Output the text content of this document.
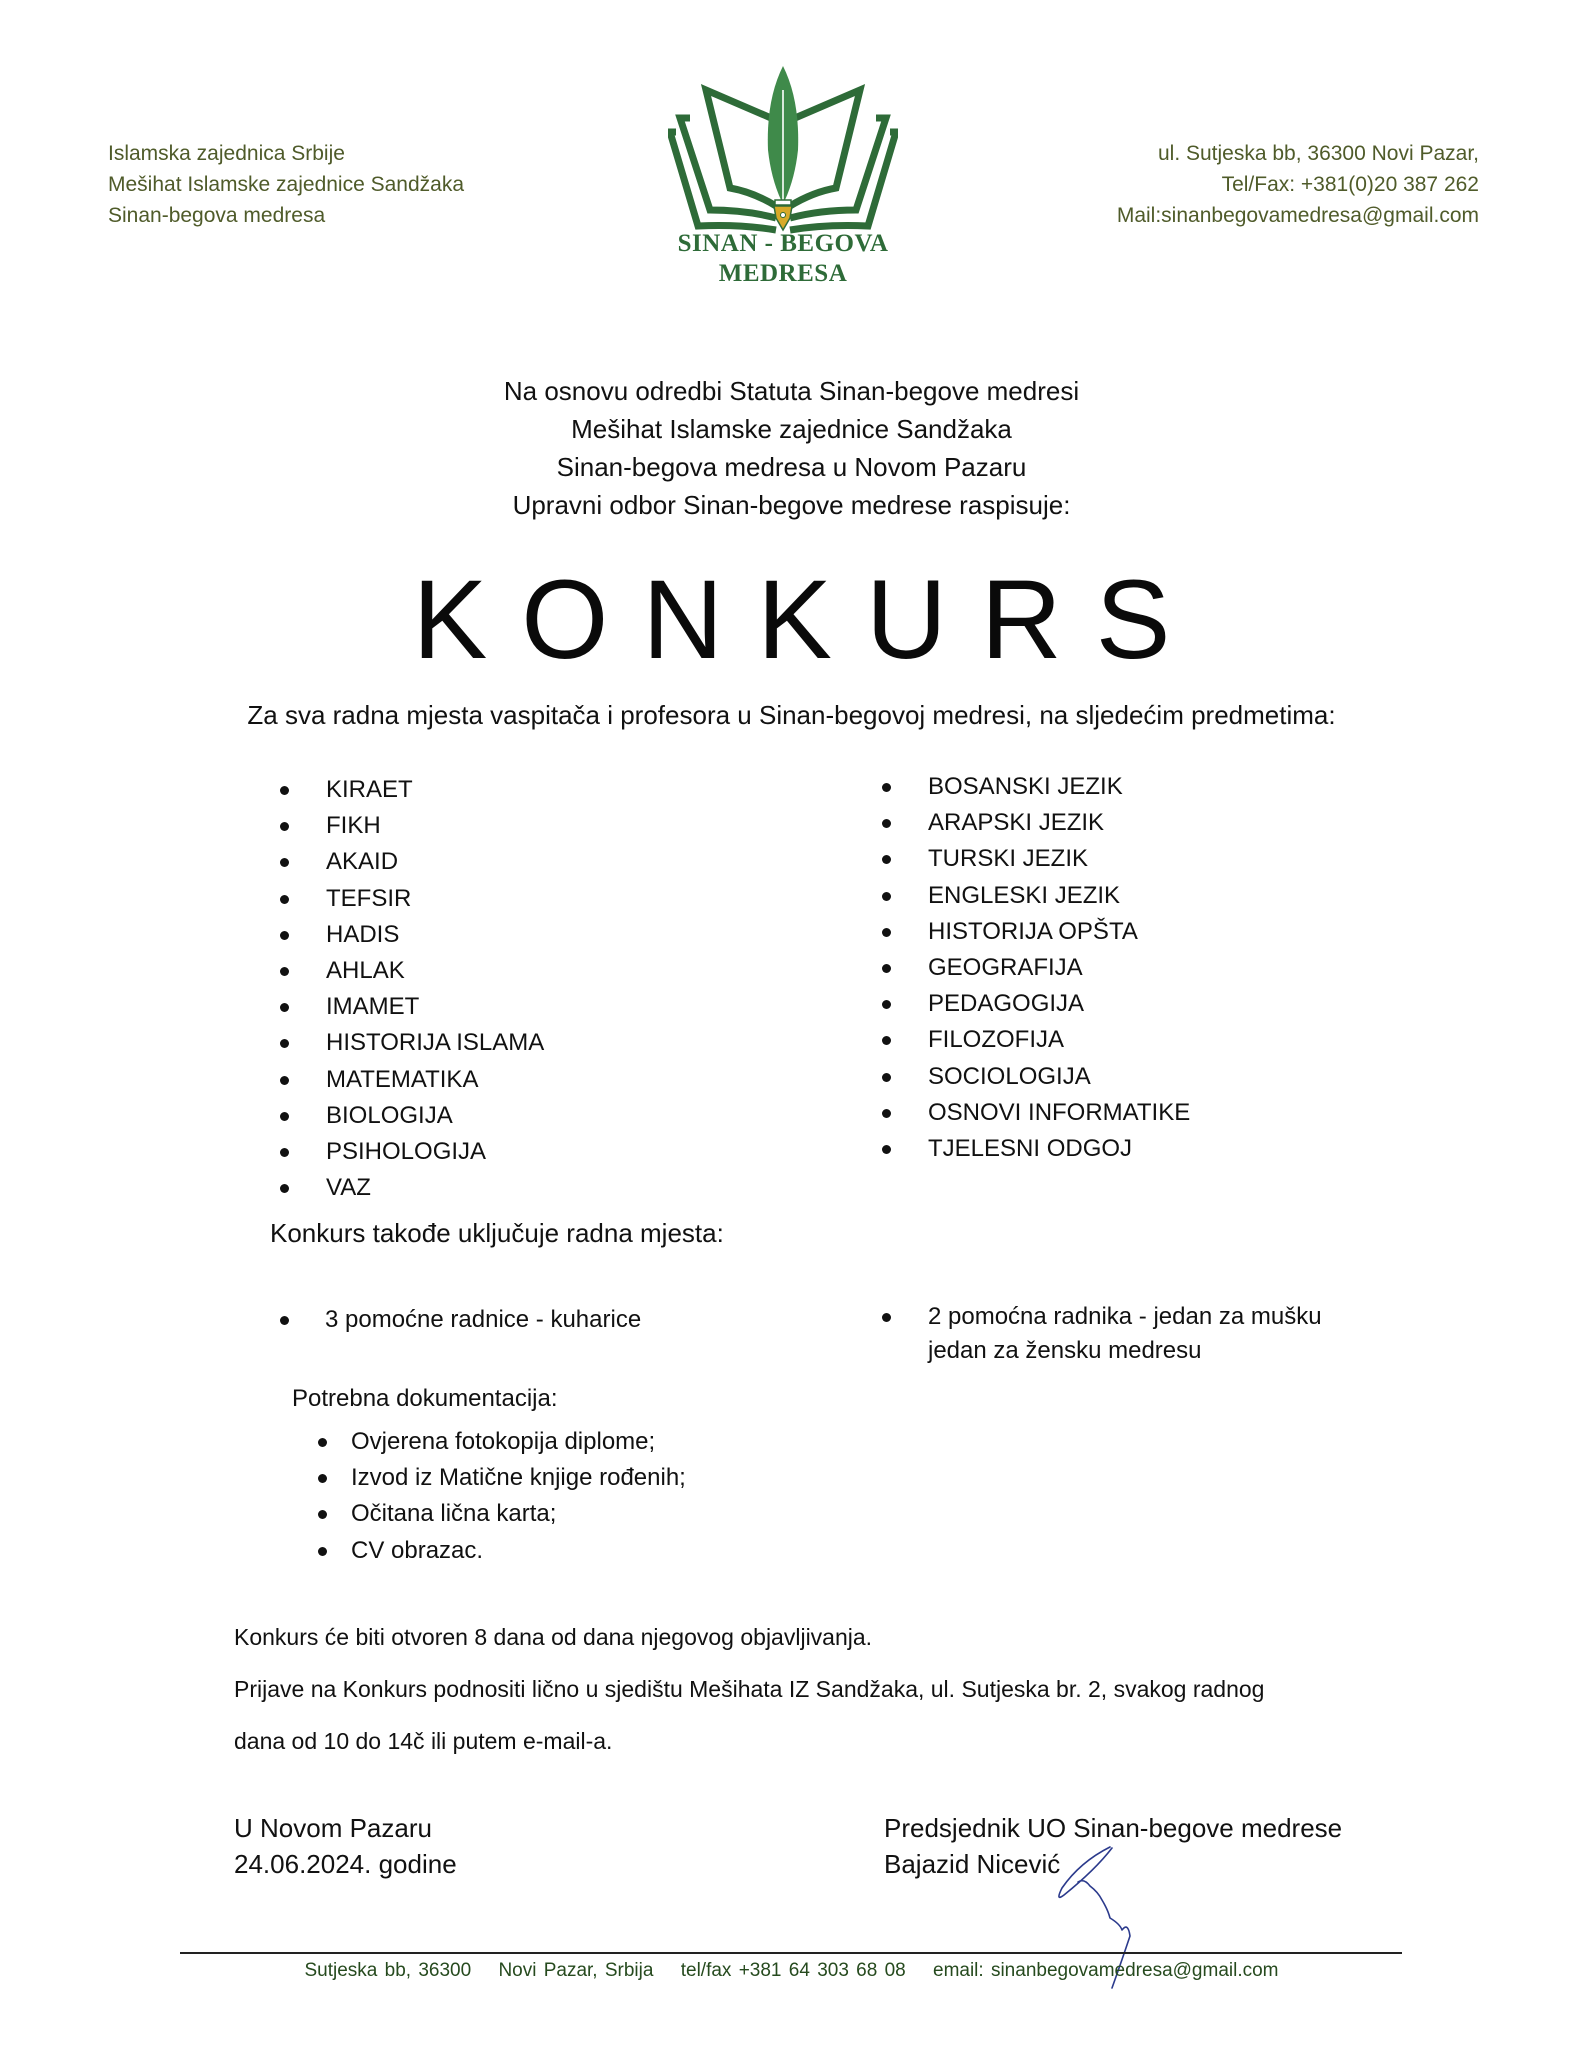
Islamska zajednica Srbije
Mešihat Islamske zajednice Sandžaka
Sinan-begova medresa
SINAN - BEGOVA
MEDRESA
ul. Sutjeska bb, 36300 Novi Pazar,
Tel/Fax: +381(0)20 387 262
Mail:sinanbegovamedresa@gmail.com
Na osnovu odredbi Statuta Sinan-begove medresi
Mešihat Islamske zajednice Sandžaka
Sinan-begova medresa u Novom Pazaru
Upravni odbor Sinan-begove medrese raspisuje:
KONKURS
Za sva radna mjesta vaspitača i profesora u Sinan-begovoj medresi, na sljedećim predmetima:
KIRAET
FIKH
AKAID
TEFSIR
HADIS
AHLAK
IMAMET
HISTORIJA ISLAMA
MATEMATIKA
BIOLOGIJA
PSIHOLOGIJA
VAZ
BOSANSKI JEZIK
ARAPSKI JEZIK
TURSKI JEZIK
ENGLESKI JEZIK
HISTORIJA OPŠTA
GEOGRAFIJA
PEDAGOGIJA
FILOZOFIJA
SOCIOLOGIJA
OSNOVI INFORMATIKE
TJELESNI ODGOJ
Konkurs takođe uključuje radna mjesta:
3 pomoćne radnice - kuharice	2 pomoćna radnika - jedan za mušku
jedan za žensku medresu
Potrebna dokumentacija:
Ovjerena fotokopija diplome;
Izvod iz Matične knjige rođenih;
Očitana lična karta;
CV obrazac.
Konkurs će biti otvoren 8 dana od dana njegovog objavljivanja.
Prijave na Konkurs podnositi lično u sjedištu Mešihata IZ Sandžaka, ul. Sutjeska br. 2, svakog radnog
dana od 10 do 14č ili putem e-mail-a.
U Novom Pazaru
24.06.2024. godine
Predsjednik UO Sinan-begove medrese
Bajazid Nicević
Sutjeska bb, 36300 Novi Pazar, Srbija tel/fax +381 64 303 68 08 email: sinanbegovamedresa@gmail.com
